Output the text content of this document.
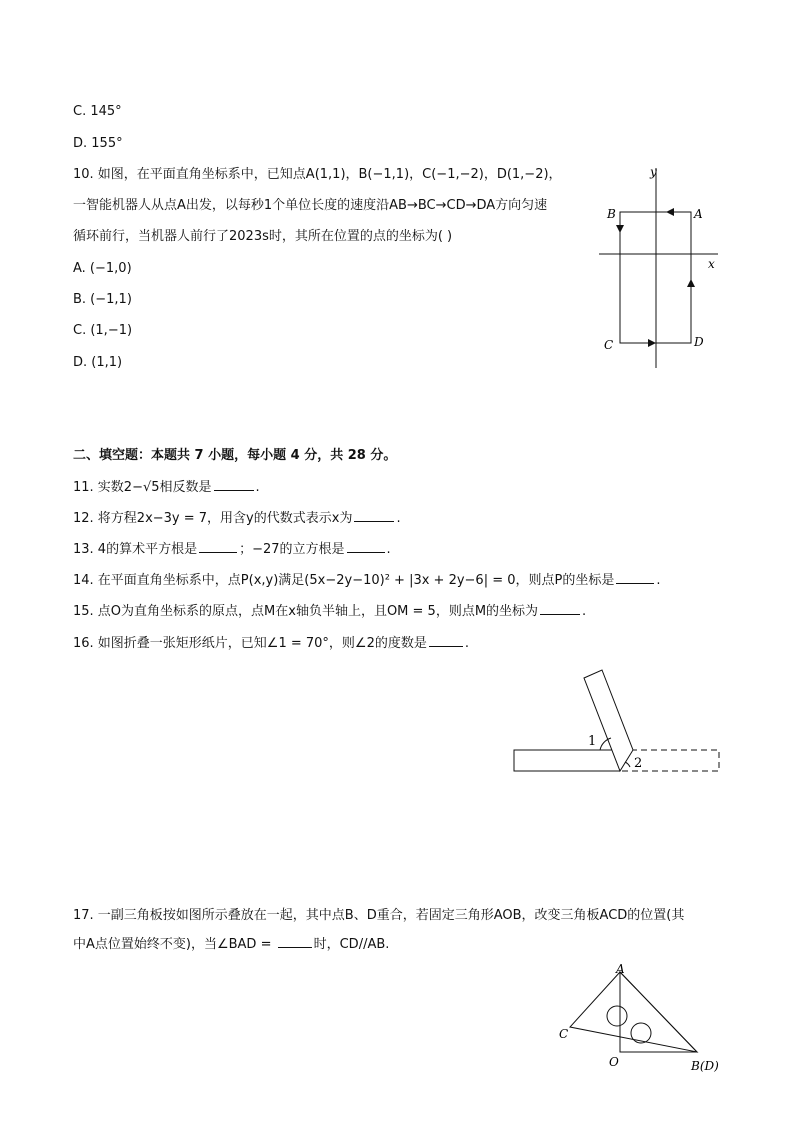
C. 145°
D. 155°
10. 如图，在平面直角坐标系中，已知点A(1,1)，B(−1,1)，C(−1,−2)，D(1,−2)，
一智能机器人从点A出发，以每秒1个单位长度的速度沿AB→BC→CD→DA方向匀速
循环前行，当机器人前行了2023s时，其所在位置的点的坐标为( )
A. (−1,0)
B. (−1,1)
C. (1,−1)
D. (1,1)
y
x
A
B
C	D
二、填空题：本题共 7 小题，每小题 4 分，共 28 分。
11. 实数2−√5相反数是	.
12. 将方程2x−3y = 7，用含y的代数式表示x为	.
13. 4的算术平方根是	；−27的立方根是	.
14. 在平面直角坐标系中，点P(x,y)满足(5x−2y−10)² + |3x + 2y−6| = 0，则点P的坐标是	.
15. 点O为直角坐标系的原点，点M在x轴负半轴上，且OM = 5，则点M的坐标为	.
16. 如图折叠一张矩形纸片，已知∠1 = 70°，则∠2的度数是	.
1
2
17. 一副三角板按如图所示叠放在一起，其中点B、D重合，若固定三角形AOB，改变三角板ACD的位置(其
中A点位置始终不变)，当∠BAD =	时，CD//AB.
A
C
O	B(D)
